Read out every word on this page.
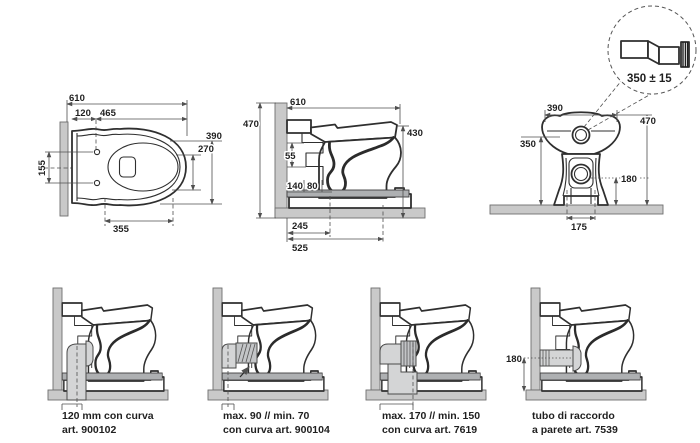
610
120 465
390
270
155
355
610
470
430
55
140 80
245
525
390
470
350
180
175
350 ± 15
120 mm con curva
art. 900102
max. 90 // min. 70
con curva art. 900104
max. 170 // min. 150
con curva art. 7619
180
tubo di raccordo
a parete art. 7539
